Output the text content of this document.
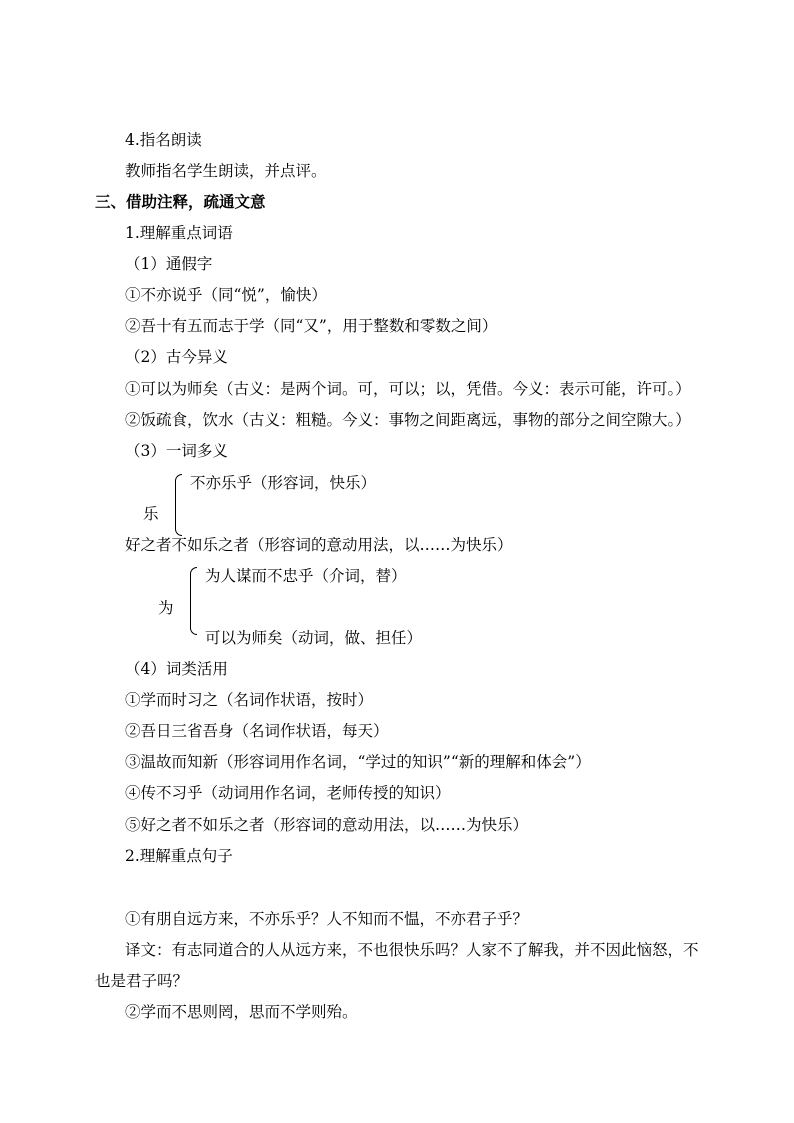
4.指名朗读
教师指名学生朗读，并点评。
三、借助注释，疏通文意
1.理解重点词语
（1）通假字
①不亦说乎（同“悦”，愉快）
②吾十有五而志于学（同“又”，用于整数和零数之间）
（2）古今异义
①可以为师矣（古义：是两个词。可，可以；以，凭借。今义：表示可能，许可。）
②饭疏食，饮水（古义：粗糙。今义：事物之间距离远，事物的部分之间空隙大。）
（3）一词多义
不亦乐乎（形容词，快乐）
乐
好之者不如乐之者（形容词的意动用法，以……为快乐）
为人谋而不忠乎（介词，替）
为
可以为师矣（动词，做、担任）
（4）词类活用
①学而时习之（名词作状语，按时）
②吾日三省吾身（名词作状语，每天）
③温故而知新（形容词用作名词，“学过的知识”“新的理解和体会”）
④传不习乎（动词用作名词，老师传授的知识）
⑤好之者不如乐之者（形容词的意动用法，以……为快乐）
2.理解重点句子
①有朋自远方来，不亦乐乎？人不知而不愠，不亦君子乎？
译文：有志同道合的人从远方来，不也很快乐吗？人家不了解我，并不因此恼怒，不
也是君子吗？
②学而不思则罔，思而不学则殆。
